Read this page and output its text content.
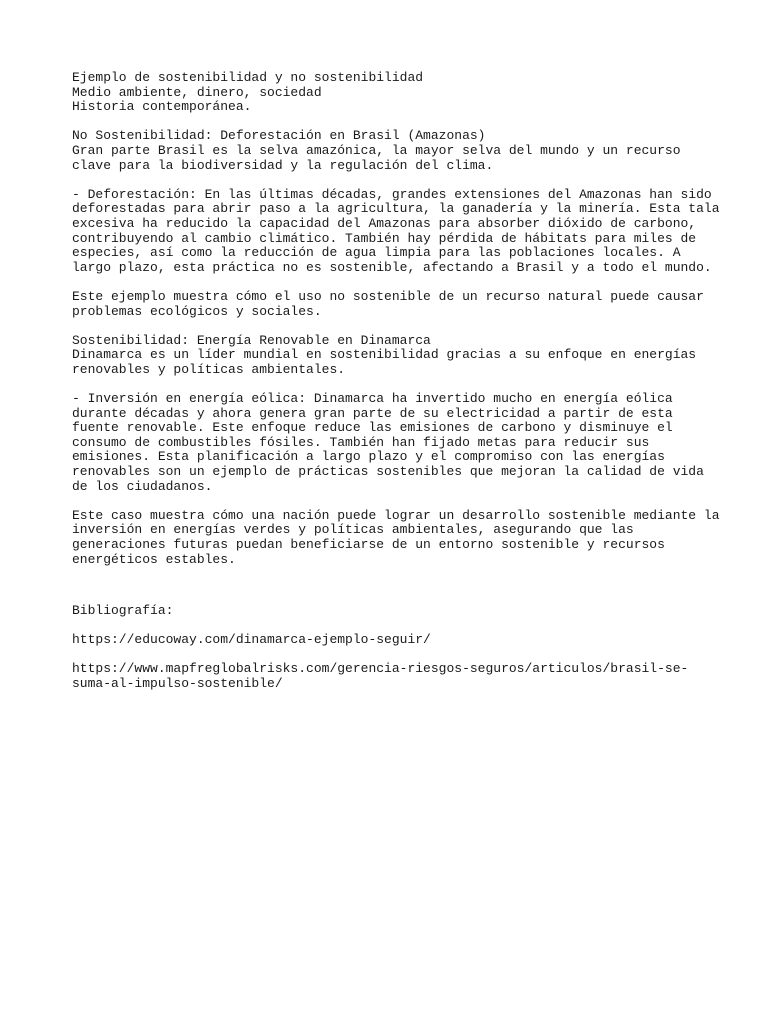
Ejemplo de sostenibilidad y no sostenibilidad
Medio ambiente, dinero, sociedad
Historia contemporánea.
No Sostenibilidad: Deforestación en Brasil (Amazonas)
Gran parte Brasil es la selva amazónica, la mayor selva del mundo y un recurso
clave para la biodiversidad y la regulación del clima.
- Deforestación: En las últimas décadas, grandes extensiones del Amazonas han sido
deforestadas para abrir paso a la agricultura, la ganadería y la minería. Esta tala
excesiva ha reducido la capacidad del Amazonas para absorber dióxido de carbono,
contribuyendo al cambio climático. También hay pérdida de hábitats para miles de
especies, así como la reducción de agua limpia para las poblaciones locales. A
largo plazo, esta práctica no es sostenible, afectando a Brasil y a todo el mundo.
Este ejemplo muestra cómo el uso no sostenible de un recurso natural puede causar
problemas ecológicos y sociales.
Sostenibilidad: Energía Renovable en Dinamarca
Dinamarca es un líder mundial en sostenibilidad gracias a su enfoque en energías
renovables y políticas ambientales.
- Inversión en energía eólica: Dinamarca ha invertido mucho en energía eólica
durante décadas y ahora genera gran parte de su electricidad a partir de esta
fuente renovable. Este enfoque reduce las emisiones de carbono y disminuye el
consumo de combustibles fósiles. También han fijado metas para reducir sus
emisiones. Esta planificación a largo plazo y el compromiso con las energías
renovables son un ejemplo de prácticas sostenibles que mejoran la calidad de vida
de los ciudadanos.
Este caso muestra cómo una nación puede lograr un desarrollo sostenible mediante la
inversión en energías verdes y políticas ambientales, asegurando que las
generaciones futuras puedan beneficiarse de un entorno sostenible y recursos
energéticos estables.
Bibliografía:
https://educoway.com/dinamarca-ejemplo-seguir/
https://www.mapfreglobalrisks.com/gerencia-riesgos-seguros/articulos/brasil-se-
suma-al-impulso-sostenible/
